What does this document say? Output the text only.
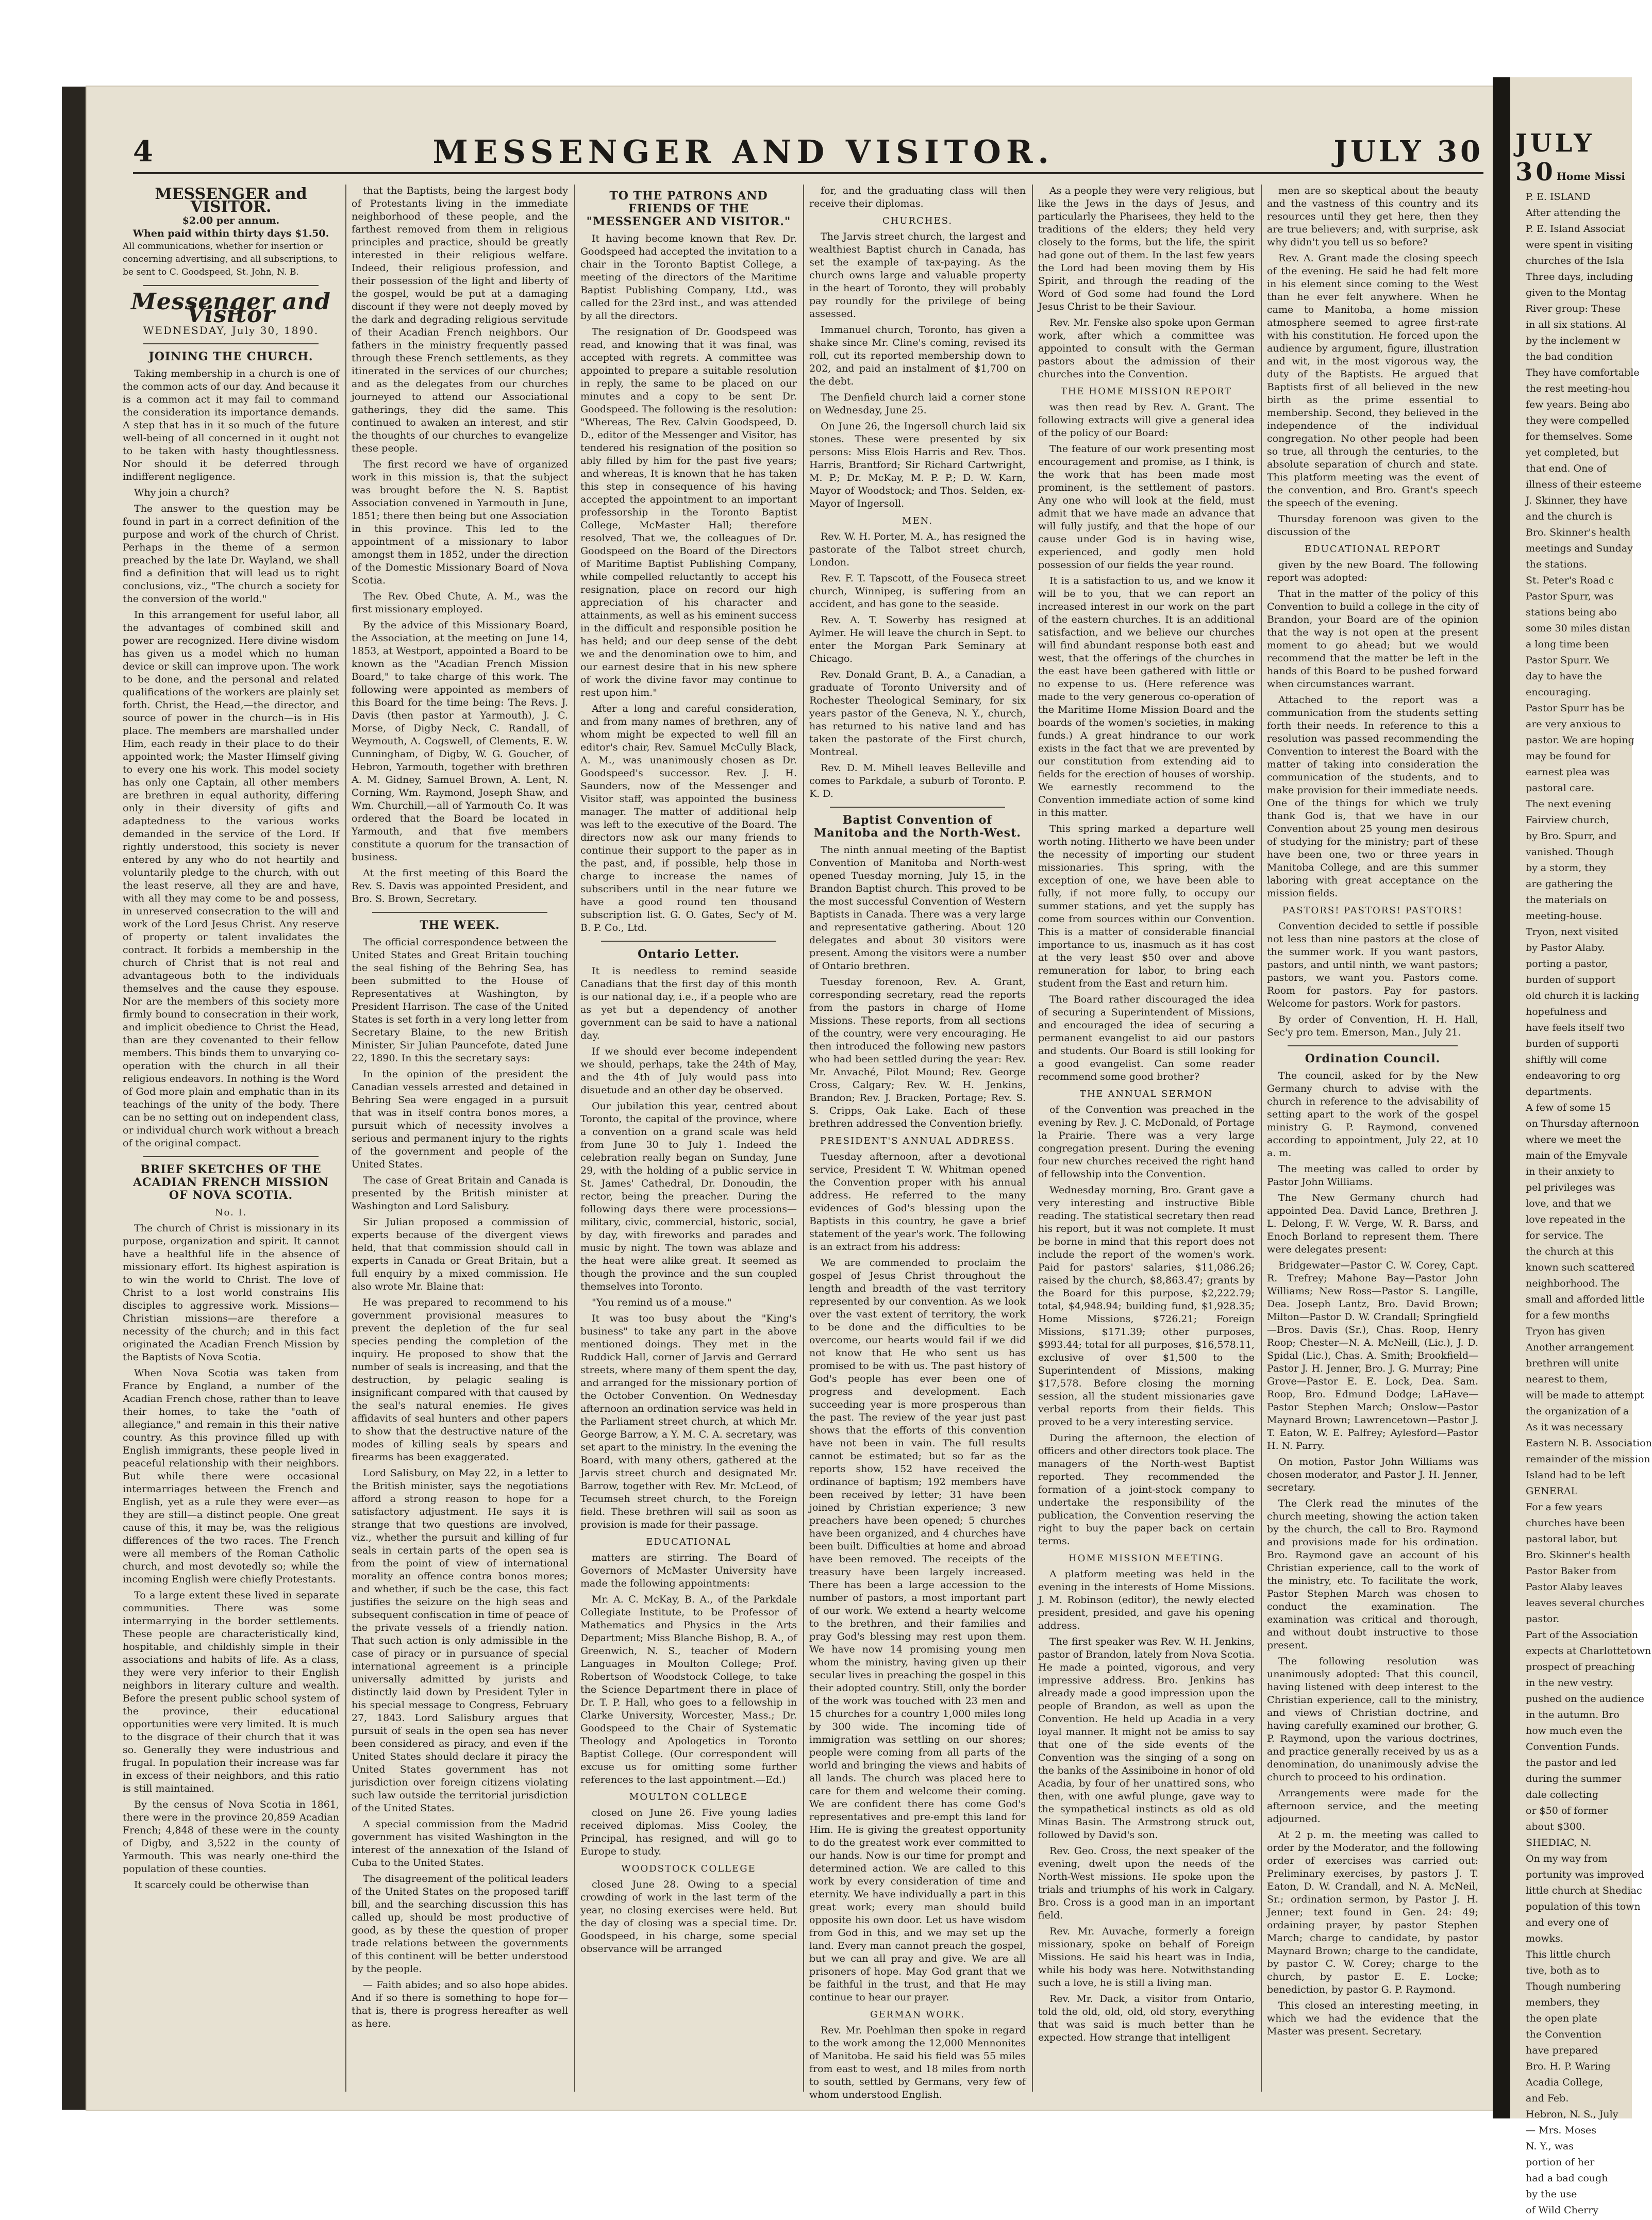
4	MESSENGER AND VISITOR.	JULY 30
MESSENGER and VISITOR.
$2.00 per annum.
When paid within thirty days $1.50.
All communications, whether for insertion or concerning advertising, and all subscriptions, to be sent to C. Goodspeed, St. John, N. B.
Messenger and Visitor
WEDNESDAY, July 30, 1890.
JOINING THE CHURCH.

Taking membership in a church is one of the common acts of our day. And because it is a common act it may fail to command the consideration its importance demands. A step that has in it so much of the future well-being of all concerned in it ought not to be taken with hasty thoughtlessness. Nor should it be deferred through indifferent negligence.

Why join a church?

The answer to the question may be found in part in a correct definition of the purpose and work of the church of Christ. Perhaps in the theme of a sermon preached by the late Dr. Wayland, we shall find a definition that will lead us to right conclusions, viz., "The church a society for the conversion of the world."

In this arrangement for useful labor, all the advantages of combined skill and power are recognized. Here divine wisdom has given us a model which no human device or skill can improve upon. The work to be done, and the personal and related qualifications of the workers are plainly set forth. Christ, the Head,—the director, and source of power in the church—is in His place. The members are marshalled under Him, each ready in their place to do their appointed work; the Master Himself giving to every one his work. This model society has only one Captain, all other members are brethren in equal authority, differing only in their diversity of gifts and adaptedness to the various works demanded in the service of the Lord. If rightly understood, this society is never entered by any who do not heartily and voluntarily pledge to the church, with out the least reserve, all they are and have, with all they may come to be and possess, in unreserved consecration to the will and work of the Lord Jesus Christ. Any reserve of property or talent invalidates the contract. It forbids a membership in the church of Christ that is not real and advantageous both to the individuals themselves and the cause they espouse. Nor are the members of this society more firmly bound to consecration in their work, and implicit obedience to Christ the Head, than are they covenanted to their fellow members. This binds them to unvarying co-operation with the church in all their religious endeavors. In nothing is the Word of God more plain and emphatic than in its teachings of the unity of the body. There can be no setting out on independent class, or individual church work without a breach of the original compact.

BRIEF SKETCHES OF THE ACADIAN FRENCH MISSION OF NOVA SCOTIA.
No. I.

The church of Christ is missionary in its purpose, organization and spirit. It cannot have a healthful life in the absence of missionary effort. Its highest aspiration is to win the world to Christ. The love of Christ to a lost world constrains His disciples to aggressive work. Missions—Christian missions—are therefore a necessity of the church; and in this fact originated the Acadian French Mission by the Baptists of Nova Scotia.

When Nova Scotia was taken from France by England, a number of the Acadian French chose, rather than to leave their homes, to take the "oath of allegiance," and remain in this their native country. As this province filled up with English immigrants, these people lived in peaceful relationship with their neighbors. But while there were occasional intermarriages between the French and English, yet as a rule they were ever—as they are still—a distinct people. One great cause of this, it may be, was the religious differences of the two races. The French were all members of the Roman Catholic church, and most devotedly so; while the incoming English were chiefly Protestants.

To a large extent these lived in separate communities. There was some intermarrying in the border settlements. These people are characteristically kind, hospitable, and childishly simple in their associations and habits of life. As a class, they were very inferior to their English neighbors in literary culture and wealth. Before the present public school system of the province, their educational opportunities were very limited. It is much to the disgrace of their church that it was so. Generally they were industrious and frugal. In population their increase was far in excess of their neighbors, and this ratio is still maintained.

By the census of Nova Scotia in 1861, there were in the province 20,859 Acadian French; 4,848 of these were in the county of Digby, and 3,522 in the county of Yarmouth. This was nearly one-third the population of these counties.

It scarcely could be otherwise than

that the Baptists, being the largest body of Protestants living in the immediate neighborhood of these people, and the farthest removed from them in religious principles and practice, should be greatly interested in their religious welfare. Indeed, their religious profession, and their possession of the light and liberty of the gospel, would be put at a damaging discount if they were not deeply moved by the dark and degrading religious servitude of their Acadian French neighbors. Our fathers in the ministry frequently passed through these French settlements, as they itinerated in the services of our churches; and as the delegates from our churches journeyed to attend our Associational gatherings, they did the same. This continued to awaken an interest, and stir the thoughts of our churches to evangelize these people.

The first record we have of organized work in this mission is, that the subject was brought before the N. S. Baptist Association convened in Yarmouth in June, 1851; there then being but one Association in this province. This led to the appointment of a missionary to labor amongst them in 1852, under the direction of the Domestic Missionary Board of Nova Scotia.

The Rev. Obed Chute, A. M., was the first missionary employed.

By the advice of this Missionary Board, the Association, at the meeting on June 14, 1853, at Westport, appointed a Board to be known as the "Acadian French Mission Board," to take charge of this work. The following were appointed as members of this Board for the time being: The Revs. J. Davis (then pastor at Yarmouth), J. C. Morse, of Digby Neck, C. Randall, of Weymouth, A. Cogswell, of Clements, E. W. Cunningham, of Digby, W. G. Goucher, of Hebron, Yarmouth, together with brethren A. M. Gidney, Samuel Brown, A. Lent, N. Corning, Wm. Raymond, Joseph Shaw, and Wm. Churchill,—all of Yarmouth Co. It was ordered that the Board be located in Yarmouth, and that five members constitute a quorum for the transaction of business.

At the first meeting of this Board the Rev. S. Davis was appointed President, and Bro. S. Brown, Secretary.

THE WEEK.

The official correspondence between the United States and Great Britain touching the seal fishing of the Behring Sea, has been submitted to the House of Representatives at Washington, by President Harrison. The case of the United States is set forth in a very long letter from Secretary Blaine, to the new British Minister, Sir Julian Pauncefote, dated June 22, 1890. In this the secretary says:

In the opinion of the president the Canadian vessels arrested and detained in Behring Sea were engaged in a pursuit that was in itself contra bonos mores, a pursuit which of necessity involves a serious and permanent injury to the rights of the government and people of the United States.

The case of Great Britain and Canada is presented by the British minister at Washington and Lord Salisbury.

Sir Julian proposed a commission of experts because of the divergent views held, that that commission should call in experts in Canada or Great Britain, but a full enquiry by a mixed commission. He also wrote Mr. Blaine that:

He was prepared to recommend to his government provisional measures to prevent the depletion of the fur seal species pending the completion of the inquiry. He proposed to show that the number of seals is increasing, and that the destruction, by pelagic sealing is insignificant compared with that caused by the seal's natural enemies. He gives affidavits of seal hunters and other papers to show that the destructive nature of the modes of killing seals by spears and firearms has been exaggerated.

Lord Salisbury, on May 22, in a letter to the British minister, says the negotiations afford a strong reason to hope for a satisfactory adjustment. He says it is strange that two questions are involved, viz., whether the pursuit and killing of fur seals in certain parts of the open sea is from the point of view of international morality an offence contra bonos mores; and whether, if such be the case, this fact justifies the seizure on the high seas and subsequent confiscation in time of peace of the private vessels of a friendly nation. That such action is only admissible in the case of piracy or in pursuance of special international agreement is a principle universally admitted by jurists and distinctly laid down by President Tyler in his special message to Congress, February 27, 1843. Lord Salisbury argues that pursuit of seals in the open sea has never been considered as piracy, and even if the United States should declare it piracy the United States government has not jurisdiction over foreign citizens violating such law outside the territorial jurisdiction of the United States.

A special commission from the Madrid government has visited Washington in the interest of the annexation of the Island of Cuba to the United States.

The disagreement of the political leaders of the United States on the proposed tariff bill, and the searching discussion this has called up, should be most productive of good, as by these the question of proper trade relations between the governments of this continent will be better understood by the people.

— Faith abides; and so also hope abides. And if so there is something to hope for—that is, there is progress hereafter as well as here.

TO THE PATRONS AND FRIENDS OF THE "MESSENGER AND VISITOR."

It having become known that Rev. Dr. Goodspeed had accepted the invitation to a chair in the Toronto Baptist College, a meeting of the directors of the Maritime Baptist Publishing Company, Ltd., was called for the 23rd inst., and was attended by all the directors.

The resignation of Dr. Goodspeed was read, and knowing that it was final, was accepted with regrets. A committee was appointed to prepare a suitable resolution in reply, the same to be placed on our minutes and a copy to be sent Dr. Goodspeed. The following is the resolution: "Whereas, The Rev. Calvin Goodspeed, D. D., editor of the Messenger and Visitor, has tendered his resignation of the position so ably filled by him for the past five years; and whereas, It is known that he has taken this step in consequence of his having accepted the appointment to an important professorship in the Toronto Baptist College, McMaster Hall; therefore resolved, That we, the colleagues of Dr. Goodspeed on the Board of the Directors of Maritime Baptist Publishing Company, while compelled reluctantly to accept his resignation, place on record our high appreciation of his character and attainments, as well as his eminent success in the difficult and responsible position he has held; and our deep sense of the debt we and the denomination owe to him, and our earnest desire that in his new sphere of work the divine favor may continue to rest upon him."

After a long and careful consideration, and from many names of brethren, any of whom might be expected to well fill an editor's chair, Rev. Samuel McCully Black, A. M., was unanimously chosen as Dr. Goodspeed's successor. Rev. J. H. Saunders, now of the Messenger and Visitor staff, was appointed the business manager. The matter of additional help was left to the executive of the Board. The directors now ask our many friends to continue their support to the paper as in the past, and, if possible, help those in charge to increase the names of subscribers until in the near future we have a good round ten thousand subscription list. G. O. Gates, Sec'y of M. B. P. Co., Ltd.

Ontario Letter.

It is needless to remind seaside Canadians that the first day of this month is our national day, i.e., if a people who are as yet but a dependency of another government can be said to have a national day.

If we should ever become independent we should, perhaps, take the 24th of May, and the 4th of July would pass into disuetude and an other day be observed.

Our jubilation this year, centred about Toronto, the capital of the province, where a convention on a grand scale was held from June 30 to July 1. Indeed the celebration really began on Sunday, June 29, with the holding of a public service in St. James' Cathedral, Dr. Donoudin, the rector, being the preacher. During the following days there were processions—military, civic, commercial, historic, social, by day, with fireworks and parades and music by night. The town was ablaze and the heat were alike great. It seemed as though the province and the sun coupled themselves into Toronto.

"You remind us of a mouse."

It was too busy about the "King's business" to take any part in the above mentioned doings. They met in the Ruddick Hall, corner of Jarvis and Gerrard streets, where many of them spent the day, and arranged for the missionary portion of the October Convention. On Wednesday afternoon an ordination service was held in the Parliament street church, at which Mr. George Barrow, a Y. M. C. A. secretary, was set apart to the ministry. In the evening the Board, with many others, gathered at the Jarvis street church and designated Mr. Barrow, together with Rev. Mr. McLeod, of Tecumseh street church, to the Foreign field. These brethren will sail as soon as provision is made for their passage.

EDUCATIONAL

matters are stirring. The Board of Governors of McMaster University have made the following appointments:

Mr. A. C. McKay, B. A., of the Parkdale Collegiate Institute, to be Professor of Mathematics and Physics in the Arts Department; Miss Blanche Bishop, B. A., of Greenwich, N. S., teacher of Modern Languages in Moulton College; Prof. Robertson of Woodstock College, to take the Science Department there in place of Dr. T. P. Hall, who goes to a fellowship in Clarke University, Worcester, Mass.; Dr. Goodspeed to the Chair of Systematic Theology and Apologetics in Toronto Baptist College. (Our correspondent will excuse us for omitting some further references to the last appointment.—Ed.)

MOULTON COLLEGE

closed on June 26. Five young ladies received diplomas. Miss Cooley, the Principal, has resigned, and will go to Europe to study.

WOODSTOCK COLLEGE

closed June 28. Owing to a special crowding of work in the last term of the year, no closing exercises were held. But the day of closing was a special time. Dr. Goodspeed, in his charge, some special observance will be arranged

for, and the graduating class will then receive their diplomas.

CHURCHES.

The Jarvis street church, the largest and wealthiest Baptist church in Canada, has set the example of tax-paying. As the church owns large and valuable property in the heart of Toronto, they will probably pay roundly for the privilege of being assessed.

Immanuel church, Toronto, has given a shake since Mr. Cline's coming, revised its roll, cut its reported membership down to 202, and paid an instalment of $1,700 on the debt.

The Denfield church laid a corner stone on Wednesday, June 25.

On June 26, the Ingersoll church laid six stones. These were presented by six persons: Miss Elois Harris and Rev. Thos. Harris, Brantford; Sir Richard Cartwright, M. P.; Dr. McKay, M. P. P.; D. W. Karn, Mayor of Woodstock; and Thos. Selden, ex-Mayor of Ingersoll.

MEN.

Rev. W. H. Porter, M. A., has resigned the pastorate of the Talbot street church, London.

Rev. F. T. Tapscott, of the Fouseca street church, Winnipeg, is suffering from an accident, and has gone to the seaside.

Rev. A. T. Sowerby has resigned at Aylmer. He will leave the church in Sept. to enter the Morgan Park Seminary at Chicago.

Rev. Donald Grant, B. A., a Canadian, a graduate of Toronto University and of Rochester Theological Seminary, for six years pastor of the Geneva, N. Y., church, has returned to his native land and has taken the pastorate of the First church, Montreal.

Rev. D. M. Mihell leaves Belleville and comes to Parkdale, a suburb of Toronto. P. K. D.

Baptist Convention of Manitoba and the North-West.

The ninth annual meeting of the Baptist Convention of Manitoba and North-west opened Tuesday morning, July 15, in the Brandon Baptist church. This proved to be the most successful Convention of Western Baptists in Canada. There was a very large and representative gathering. About 120 delegates and about 30 visitors were present. Among the visitors were a number of Ontario brethren.

Tuesday forenoon, Rev. A. Grant, corresponding secretary, read the reports from the pastors in charge of Home Missions. These reports, from all sections of the country, were very encouraging. He then introduced the following new pastors who had been settled during the year: Rev. Mr. Anvaché, Pilot Mound; Rev. George Cross, Calgary; Rev. W. H. Jenkins, Brandon; Rev. J. Bracken, Portage; Rev. S. S. Cripps, Oak Lake. Each of these brethren addressed the Convention briefly.

PRESIDENT'S ANNUAL ADDRESS.

Tuesday afternoon, after a devotional service, President T. W. Whitman opened the Convention proper with his annual address. He referred to the many evidences of God's blessing upon the Baptists in this country, he gave a brief statement of the year's work. The following is an extract from his address:

We are commended to proclaim the gospel of Jesus Christ throughout the length and breadth of the vast territory represented by our convention. As we look over the vast extent of territory, the work to be done and the difficulties to be overcome, our hearts would fail if we did not know that He who sent us has promised to be with us. The past history of God's people has ever been one of progress and development. Each succeeding year is more prosperous than the past. The review of the year just past shows that the efforts of this convention have not been in vain. The full results cannot be estimated; but so far as the reports show, 152 have received the ordinance of baptism; 192 members have been received by letter; 31 have been joined by Christian experience; 3 new preachers have been opened; 5 churches have been organized, and 4 churches have been built. Difficulties at home and abroad have been removed. The receipts of the treasury have been largely increased. There has been a large accession to the number of pastors, a most important part of our work. We extend a hearty welcome to the brethren, and their families and pray God's blessing may rest upon them. We have now 14 promising young men whom the ministry, having given up their secular lives in preaching the gospel in this their adopted country. Still, only the border of the work was touched with 23 men and 15 churches for a country 1,000 miles long by 300 wide. The incoming tide of immigration was settling on our shores; people were coming from all parts of the world and bringing the views and habits of all lands. The church was placed here to care for them and welcome their coming. We are confident there has come God's representatives and pre-empt this land for Him. He is giving the greatest opportunity to do the greatest work ever committed to our hands. Now is our time for prompt and determined action. We are called to this work by every consideration of time and eternity. We have individually a part in this great work; every man should build opposite his own door. Let us have wisdom from God in this, and we may set up the land. Every man cannot preach the gospel, but we can all pray and give. We are all prisoners of hope. May God grant that we be faithful in the trust, and that He may continue to hear our prayer.

GERMAN WORK.

Rev. Mr. Poehlman then spoke in regard to the work among the 12,000 Mennonites of Manitoba. He said his field was 55 miles from east to west, and 18 miles from north to south, settled by Germans, very few of whom understood English.

As a people they were very religious, but like the Jews in the days of Jesus, and particularly the Pharisees, they held to the traditions of the elders; they held very closely to the forms, but the life, the spirit had gone out of them. In the last few years the Lord had been moving them by His Spirit, and through the reading of the Word of God some had found the Lord Jesus Christ to be their Saviour.

Rev. Mr. Fenske also spoke upon German work, after which a committee was appointed to consult with the German pastors about the admission of their churches into the Convention.

THE HOME MISSION REPORT

was then read by Rev. A. Grant. The following extracts will give a general idea of the policy of our Board:

The feature of our work presenting most encouragement and promise, as I think, is the work that has been made most prominent, is the settlement of pastors. Any one who will look at the field, must admit that we have made an advance that will fully justify, and that the hope of our cause under God is in having wise, experienced, and godly men hold possession of our fields the year round.

It is a satisfaction to us, and we know it will be to you, that we can report an increased interest in our work on the part of the eastern churches. It is an additional satisfaction, and we believe our churches will find abundant response both east and west, that the offerings of the churches in the east have been gathered with little or no expense to us. (Here reference was made to the very generous co-operation of the Maritime Home Mission Board and the boards of the women's societies, in making funds.) A great hindrance to our work exists in the fact that we are prevented by our constitution from extending aid to fields for the erection of houses of worship. We earnestly recommend to the Convention immediate action of some kind in this matter.

This spring marked a departure well worth noting. Hitherto we have been under the necessity of importing our student missionaries. This spring, with the exception of one, we have been able to fully, if not more fully, to occupy our summer stations, and yet the supply has come from sources within our Convention. This is a matter of considerable financial importance to us, inasmuch as it has cost at the very least $50 over and above remuneration for labor, to bring each student from the East and return him.

The Board rather discouraged the idea of securing a Superintendent of Missions, and encouraged the idea of securing a permanent evangelist to aid our pastors and students. Our Board is still looking for a good evangelist. Can some reader recommend some good brother?

THE ANNUAL SERMON

of the Convention was preached in the evening by Rev. J. C. McDonald, of Portage la Prairie. There was a very large congregation present. During the evening four new churches received the right hand of fellowship into the Convention.

Wednesday morning, Bro. Grant gave a very interesting and instructive Bible reading. The statistical secretary then read his report, but it was not complete. It must be borne in mind that this report does not include the report of the women's work. Paid for pastors' salaries, $11,086.26; raised by the church, $8,863.47; grants by the Board for this purpose, $2,222.79; total, $4,948.94; building fund, $1,928.35; Home Missions, $726.21; Foreign Missions, $171.39; other purposes, $993.44; total for all purposes, $16,578.11, exclusive of over $1,500 to the Superintendent of Missions, making $17,578. Before closing the morning session, all the student missionaries gave verbal reports from their fields. This proved to be a very interesting service.

During the afternoon, the election of officers and other directors took place. The managers of the North-west Baptist reported. They recommended the formation of a joint-stock company to undertake the responsibility of the publication, the Convention reserving the right to buy the paper back on certain terms.

HOME MISSION MEETING.

A platform meeting was held in the evening in the interests of Home Missions. J. M. Robinson (editor), the newly elected president, presided, and gave his opening address.

The first speaker was Rev. W. H. Jenkins, pastor of Brandon, lately from Nova Scotia. He made a pointed, vigorous, and very impressive address. Bro. Jenkins has already made a good impression upon the people of Brandon, as well as upon the Convention. He held up Acadia in a very loyal manner. It might not be amiss to say that one of the side events of the Convention was the singing of a song on the banks of the Assiniboine in honor of old Acadia, by four of her unattired sons, who then, with one awful plunge, gave way to the sympathetical instincts as old as old Minas Basin. The Armstrong struck out, followed by David's son.

Rev. Geo. Cross, the next speaker of the evening, dwelt upon the needs of the North-West missions. He spoke upon the trials and triumphs of his work in Calgary. Bro. Cross is a good man in an important field.

Rev. Mr. Auvache, formerly a foreign missionary, spoke on behalf of Foreign Missions. He said his heart was in India, while his body was here. Notwithstanding such a love, he is still a living man.

Rev. Mr. Dack, a visitor from Ontario, told the old, old, old, old story, everything that was said is much better than he expected. How strange that intelligent

men are so skeptical about the beauty and the vastness of this country and its resources until they get here, then they are true believers; and, with surprise, ask why didn't you tell us so before?

Rev. A. Grant made the closing speech of the evening. He said he had felt more in his element since coming to the West than he ever felt anywhere. When he came to Manitoba, a home mission atmosphere seemed to agree first-rate with his constitution. He forced upon the audience by argument, figure, illustration and wit, in the most vigorous way, the duty of the Baptists. He argued that Baptists first of all believed in the new birth as the prime essential to membership. Second, they believed in the independence of the individual congregation. No other people had been so true, all through the centuries, to the absolute separation of church and state. This platform meeting was the event of the convention, and Bro. Grant's speech the speech of the evening.

Thursday forenoon was given to the discussion of the

EDUCATIONAL REPORT

given by the new Board. The following report was adopted:

That in the matter of the policy of this Convention to build a college in the city of Brandon, your Board are of the opinion that the way is not open at the present moment to go ahead; but we would recommend that the matter be left in the hands of this Board to be pushed forward when circumstances warrant.

Attached to the report was a communication from the students setting forth their needs. In reference to this a resolution was passed recommending the Convention to interest the Board with the matter of taking into consideration the communication of the students, and to make provision for their immediate needs. One of the things for which we truly thank God is, that we have in our Convention about 25 young men desirous of studying for the ministry; part of these have been one, two or three years in Manitoba College, and are this summer laboring with great acceptance on the mission fields.

PASTORS! PASTORS! PASTORS!

Convention decided to settle if possible not less than nine pastors at the close of the summer work. If you want pastors, pastors, and until ninth, we want pastors; pastors, we want you. Pastors come. Room for pastors. Pay for pastors. Welcome for pastors. Work for pastors.

By order of Convention, H. H. Hall, Sec'y pro tem. Emerson, Man., July 21.

Ordination Council.

The council, asked for by the New Germany church to advise with the church in reference to the advisability of setting apart to the work of the gospel ministry G. P. Raymond, convened according to appointment, July 22, at 10 a. m.

The meeting was called to order by Pastor John Williams.

The New Germany church had appointed Dea. David Lance, Brethren J. L. Delong, F. W. Verge, W. R. Barss, and Enoch Borland to represent them. There were delegates present:

Bridgewater—Pastor C. W. Corey, Capt. R. Trefrey; Mahone Bay—Pastor John Williams; New Ross—Pastor S. Langille, Dea. Joseph Lantz, Bro. David Brown; Milton—Pastor D. W. Crandall; Springfield—Bros. Davis (Sr.), Chas. Roop, Henry Roop; Chester—N. A. McNeill, (Lic.), J. D. Spidal (Lic.), Chas. A. Smith; Brookfield—Pastor J. H. Jenner, Bro. J. G. Murray; Pine Grove—Pastor E. E. Lock, Dea. Sam. Roop, Bro. Edmund Dodge; LaHave—Pastor Stephen March; Onslow—Pastor Maynard Brown; Lawrencetown—Pastor J. T. Eaton, W. E. Palfrey; Aylesford—Pastor H. N. Parry.

On motion, Pastor John Williams was chosen moderator, and Pastor J. H. Jenner, secretary.

The Clerk read the minutes of the church meeting, showing the action taken by the church, the call to Bro. Raymond and provisions made for his ordination. Bro. Raymond gave an account of his Christian experience, call to the work of the ministry, etc. To facilitate the work, Pastor Stephen March was chosen to conduct the examination. The examination was critical and thorough, and without doubt instructive to those present.

The following resolution was unanimously adopted: That this council, having listened with deep interest to the Christian experience, call to the ministry, and views of Christian doctrine, and having carefully examined our brother, G. P. Raymond, upon the various doctrines, and practice generally received by us as a denomination, do unanimously advise the church to proceed to his ordination.

Arrangements were made for the afternoon service, and the meeting adjourned.

At 2 p. m. the meeting was called to order by the Moderator, and the following order of exercises was carried out: Preliminary exercises, by pastors J. T. Eaton, D. W. Crandall, and N. A. McNeil, Sr.; ordination sermon, by Pastor J. H. Jenner; text found in Gen. 24: 49; ordaining prayer, by pastor Stephen March; charge to candidate, by pastor Maynard Brown; charge to the candidate, by pastor C. W. Corey; charge to the church, by pastor E. E. Locke; benediction, by pastor G. P. Raymond.

This closed an interesting meeting, in which we had the evidence that the Master was present. Secretary.

JULY 30 Home Missi

P. E. ISLAND

After attending the

P. E. Island Associat

were spent in visiting

churches of the Isla

Three days, including

given to the Montag

River group: These

in all six stations. Al

by the inclement w

the bad condition

They have comfortable

the rest meeting-hou

few years. Being abo

they were compelled

for themselves. Some

yet completed, but

that end. One of

illness of their esteeme

J. Skinner, they have

and the church is

Bro. Skinner's health

meetings and Sunday

the stations.

St. Peter's Road c

Pastor Spurr, was

stations being abo

some 30 miles distan

a long time been

Pastor Spurr. We

day to have the

encouraging.

Pastor Spurr has be

are very anxious to

pastor. We are hoping

may be found for

earnest plea was

pastoral care.

The next evening

Fairview church,

by Bro. Spurr, and

vanished. Though

by a storm, they

are gathering the

the materials on

meeting-house.

Tryon, next visited

by Pastor Alaby.

porting a pastor,

burden of support

old church it is lacking

hopefulness and

have feels itself two

burden of supporti

shiftly will come

endeavoring to org

departments.

A few of some 15

on Thursday afternoon

where we meet the

main of the Emyvale

in their anxiety to

pel privileges was

love, and that we

love repeated in the

for service. The

the church at this

known such scattered

neighborhood. The

small and afforded little

for a few months

Tryon has given

Another arrangement

brethren will unite

nearest to them,

will be made to attempt

the organization of a

As it was necessary

Eastern N. B. Association

remainder of the mission

Island had to be left

GENERAL

For a few years

churches have been

pastoral labor, but

Bro. Skinner's health

Pastor Baker from

Pastor Alaby leaves

leaves several churches

pastor.

Part of the Association

expects at Charlottetown

prospect of preaching

in the new vestry.

pushed on the audience

in the autumn. Bro

how much even the

Convention Funds.

the pastor and led

during the summer

dale collecting

or $50 of former

about $300.

SHEDIAC, N.

On my way from

portunity was improved

little church at Shediac

population of this town

and every one of

mowks.

This little church

tive, both as to

Though numbering

members, they

the open plate

the Convention

have prepared

Bro. H. P. Waring

Acadia College,

and Feb.

Hebron, N. S., July

— Mrs. Moses

N. Y., was

portion of her

had a bad cough

by the use

of Wild Cherry
